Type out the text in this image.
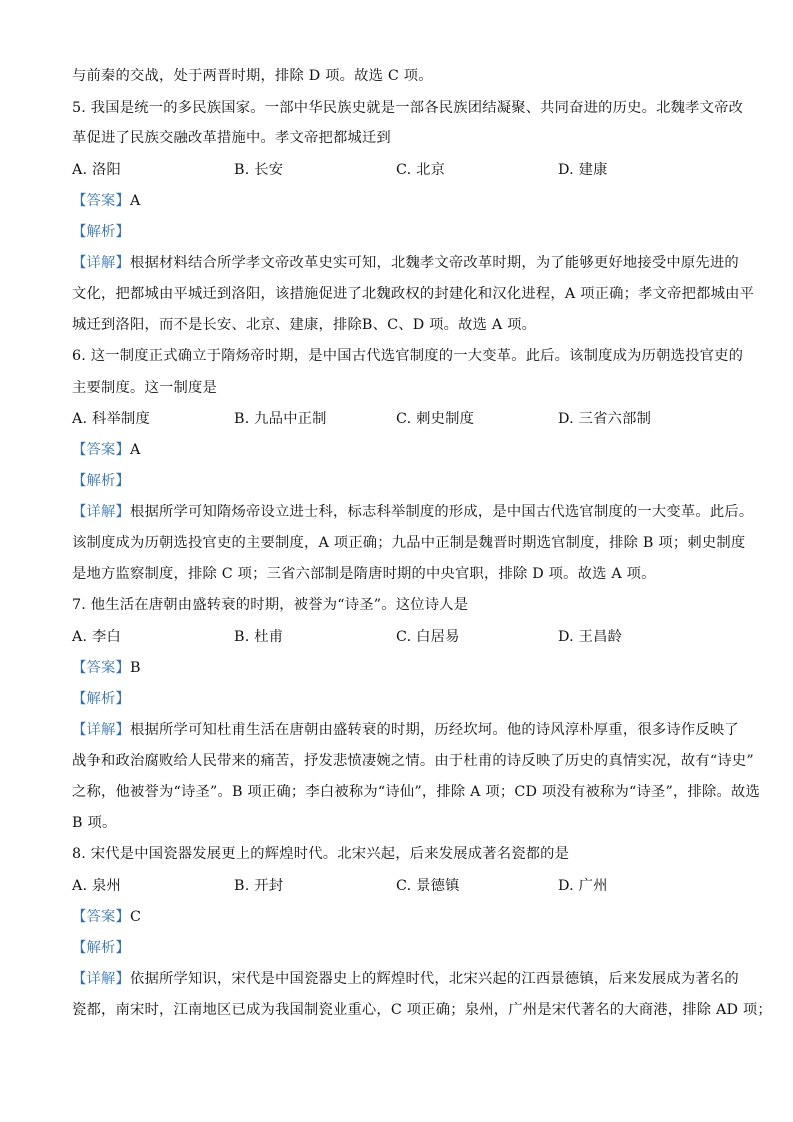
与前秦的交战，处于两晋时期，排除 D 项。故选 C 项。
5. 我国是统一的多民族国家。一部中华民族史就是一部各民族团结凝聚、共同奋进的历史。北魏孝文帝改
革促进了民族交融改革措施中。孝文帝把都城迁到
A. 洛阳	B. 长安	C. 北京	D. 建康
【答案】A
【解析】
【详解】根据材料结合所学孝文帝改革史实可知，北魏孝文帝改革时期，为了能够更好地接受中原先进的
文化，把都城由平城迁到洛阳，该措施促进了北魏政权的封建化和汉化进程，A 项正确；孝文帝把都城由平
城迁到洛阳，而不是长安、北京、建康，排除B、C、D 项。故选 A 项。
6. 这一制度正式确立于隋炀帝时期，是中国古代选官制度的一大变革。此后。该制度成为历朝选投官吏的
主要制度。这一制度是
A. 科举制度	B. 九品中正制	C. 刺史制度	D. 三省六部制
【答案】A
【解析】
【详解】根据所学可知隋炀帝设立进士科，标志科举制度的形成，是中国古代选官制度的一大变革。此后。
该制度成为历朝选投官吏的主要制度，A 项正确；九品中正制是魏晋时期选官制度，排除 B 项；刺史制度
是地方监察制度，排除 C 项；三省六部制是隋唐时期的中央官职，排除 D 项。故选 A 项。
7. 他生活在唐朝由盛转衰的时期，被誉为“诗圣”。这位诗人是
A. 李白	B. 杜甫	C. 白居易	D. 王昌龄
【答案】B
【解析】
【详解】根据所学可知杜甫生活在唐朝由盛转衰的时期，历经坎坷。他的诗风淳朴厚重，很多诗作反映了
战争和政治腐败给人民带来的痛苦，抒发悲愤凄婉之情。由于杜甫的诗反映了历史的真情实况，故有“诗史”
之称，他被誉为“诗圣”。B 项正确；李白被称为“诗仙”，排除 A 项；CD 项没有被称为“诗圣”，排除。故选
B 项。
8. 宋代是中国瓷器发展更上的辉煌时代。北宋兴起，后来发展成著名瓷都的是
A. 泉州	B. 开封	C. 景德镇	D. 广州
【答案】C
【解析】
【详解】依据所学知识，宋代是中国瓷器史上的辉煌时代，北宋兴起的江西景德镇，后来发展成为著名的
瓷都，南宋时，江南地区已成为我国制瓷业重心，C 项正确；泉州，广州是宋代著名的大商港，排除 AD 项；
